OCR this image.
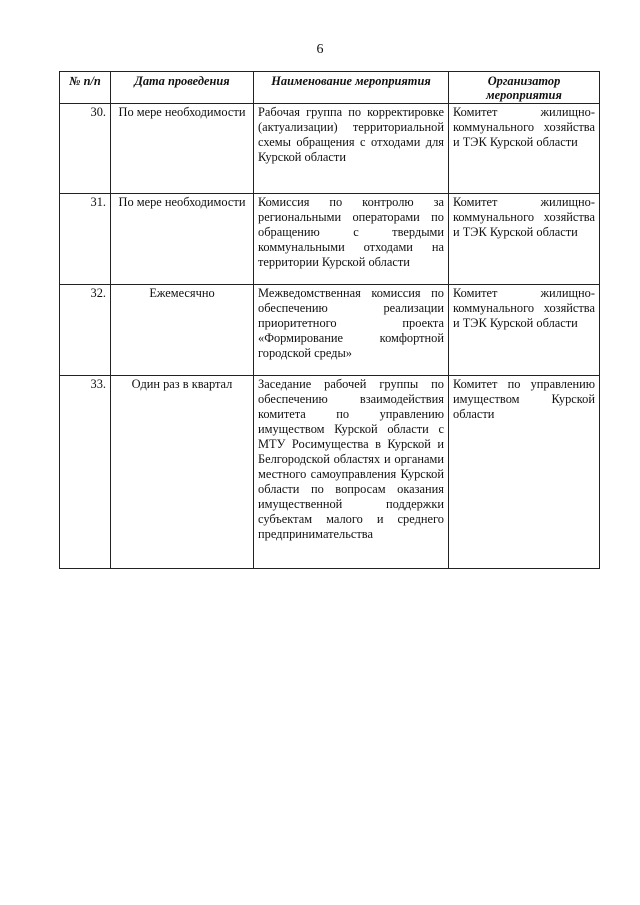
6
№ п/п	Дата проведения	Наименование мероприятия	Организатор мероприятия
30.	По мере необходимости	Рабочая группа по корректировке (актуализации) территориальной схемы обращения с отходами для Курской области	Комитет жилищно-коммунального хозяйства и ТЭК Курской области
31.	По мере необходимости	Комиссия по контролю за региональными операторами по обращению с твердыми коммунальными отходами на территории Курской области	Комитет жилищно-коммунального хозяйства и ТЭК Курской области
32.	Ежемесячно	Межведомственная комиссия по обеспечению реализации приоритетного проекта «Формирование комфортной городской среды»	Комитет жилищно-коммунального хозяйства и ТЭК Курской области
33.	Один раз в квартал	Заседание рабочей группы по обеспечению взаимодействия комитета по управлению имуществом Курской области с МТУ Росимущества в Курской и Белгородской областях и органами местного самоуправления Курской области по вопросам оказания имущественной поддержки субъектам малого и среднего предпринимательства	Комитет по управлению имуществом Курской области
